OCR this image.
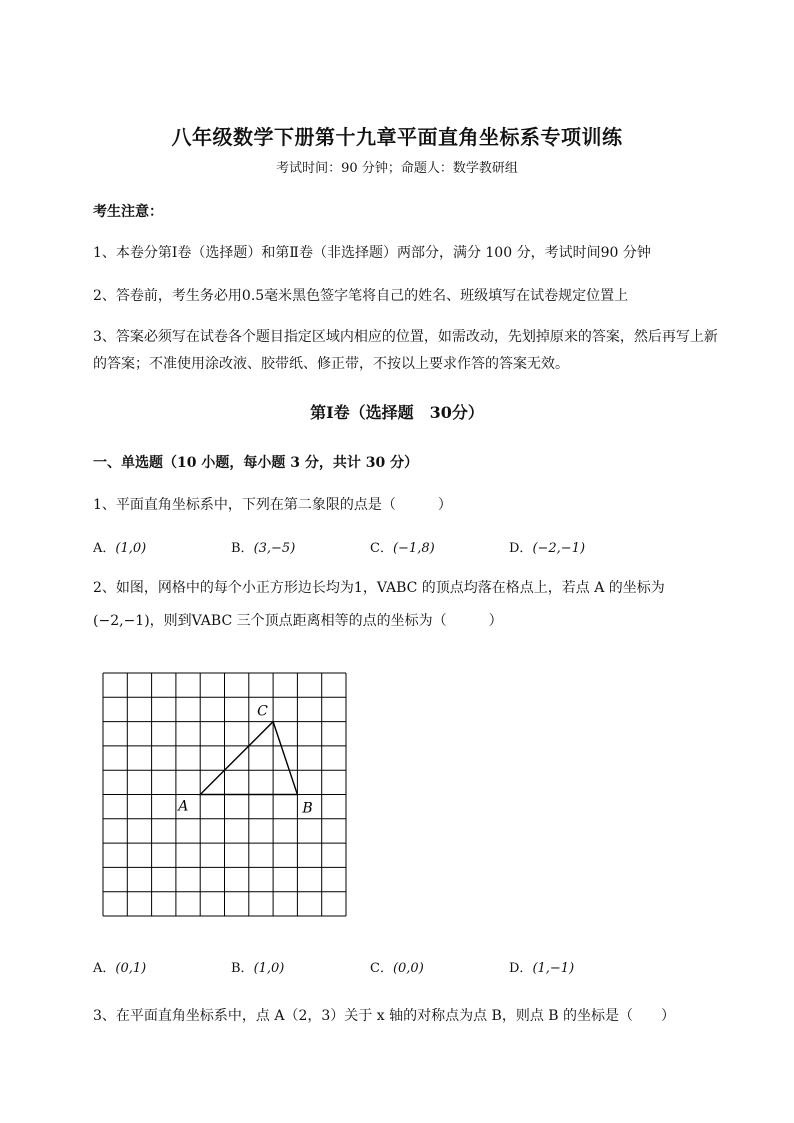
八年级数学下册第十九章平面直角坐标系专项训练
考试时间：90 分钟；命题人：数学教研组
考生注意：
1、本卷分第Ⅰ卷（选择题）和第Ⅱ卷（非选择题）两部分，满分 100 分，考试时间90 分钟
2、答卷前，考生务必用0.5毫米黑色签字笔将自己的姓名、班级填写在试卷规定位置上
3、答案必须写在试卷各个题目指定区域内相应的位置，如需改动，先划掉原来的答案，然后再写上新
的答案；不准使用涂改液、胶带纸、修正带，不按以上要求作答的答案无效。
第Ⅰ卷（选择题　30分）
一、单选题（10 小题，每小题 3 分，共计 30 分）
1、平面直角坐标系中，下列在第二象限的点是（　　　）
A．(1,0)	B．(3,−5)	C．(−1,8)	D．(−2,−1)
2、如图，网格中的每个小正方形边长均为1，VABC 的顶点均落在格点上，若点 A 的坐标为
(−2,−1)，则到VABC 三个顶点距离相等的点的坐标为（　　　）
A	B
C
A．(0,1)	B．(1,0)	C．(0,0)	D．(1,−1)
3、在平面直角坐标系中，点 A（2，3）关于 x 轴的对称点为点 B，则点 B 的坐标是（　　）
